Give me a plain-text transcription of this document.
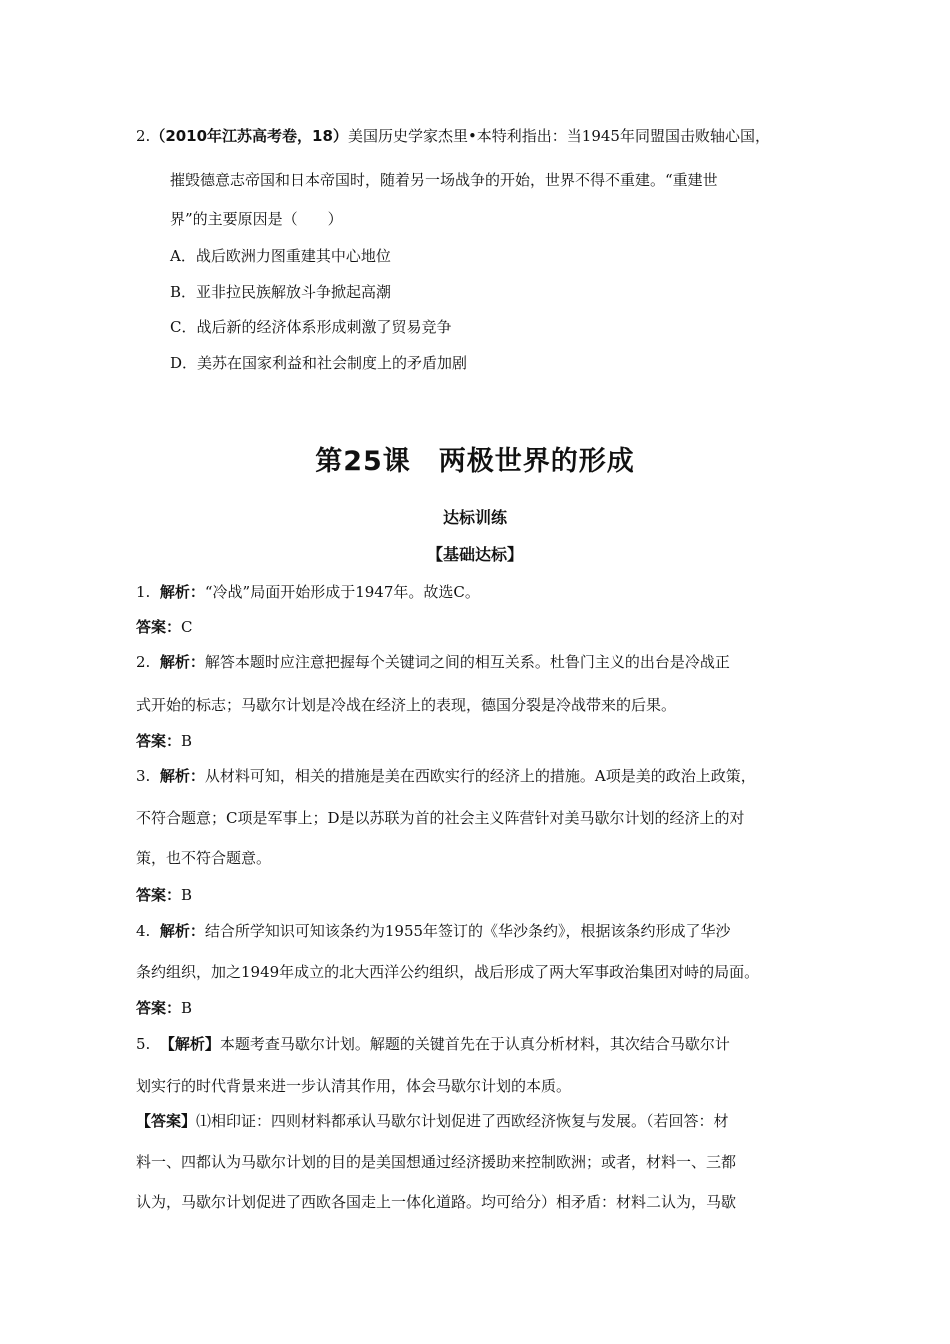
2.（2010年江苏高考卷，18）美国历史学家杰里•本特利指出：当1945年同盟国击败轴心国，
摧毁德意志帝国和日本帝国时，随着另一场战争的开始，世界不得不重建。“重建世
界”的主要原因是（　　）
A．战后欧洲力图重建其中心地位
B．亚非拉民族解放斗争掀起高潮
C．战后新的经济体系形成刺激了贸易竞争
D．美苏在国家利益和社会制度上的矛盾加剧
第25课　两极世界的形成
达标训练
【基础达标】
1. 解析：“冷战”局面开始形成于1947年。故选C。
答案：C
2. 解析：解答本题时应注意把握每个关键词之间的相互关系。杜鲁门主义的出台是冷战正
式开始的标志；马歇尔计划是冷战在经济上的表现，德国分裂是冷战带来的后果。
答案：B
3. 解析：从材料可知，相关的措施是美在西欧实行的经济上的措施。A项是美的政治上政策，
不符合题意；C项是军事上；D是以苏联为首的社会主义阵营针对美马歇尔计划的经济上的对
策，也不符合题意。
答案：B
4. 解析：结合所学知识可知该条约为1955年签订的《华沙条约》，根据该条约形成了华沙
条约组织，加之1949年成立的北大西洋公约组织，战后形成了两大军事政治集团对峙的局面。
答案：B
5. 【解析】本题考查马歇尔计划。解题的关键首先在于认真分析材料，其次结合马歇尔计
划实行的时代背景来进一步认清其作用，体会马歇尔计划的本质。
【答案】⑴相印证：四则材料都承认马歇尔计划促进了西欧经济恢复与发展。（若回答：材
料一、四都认为马歇尔计划的目的是美国想通过经济援助来控制欧洲；或者，材料一、三都
认为，马歇尔计划促进了西欧各国走上一体化道路。均可给分）相矛盾：材料二认为，马歇
